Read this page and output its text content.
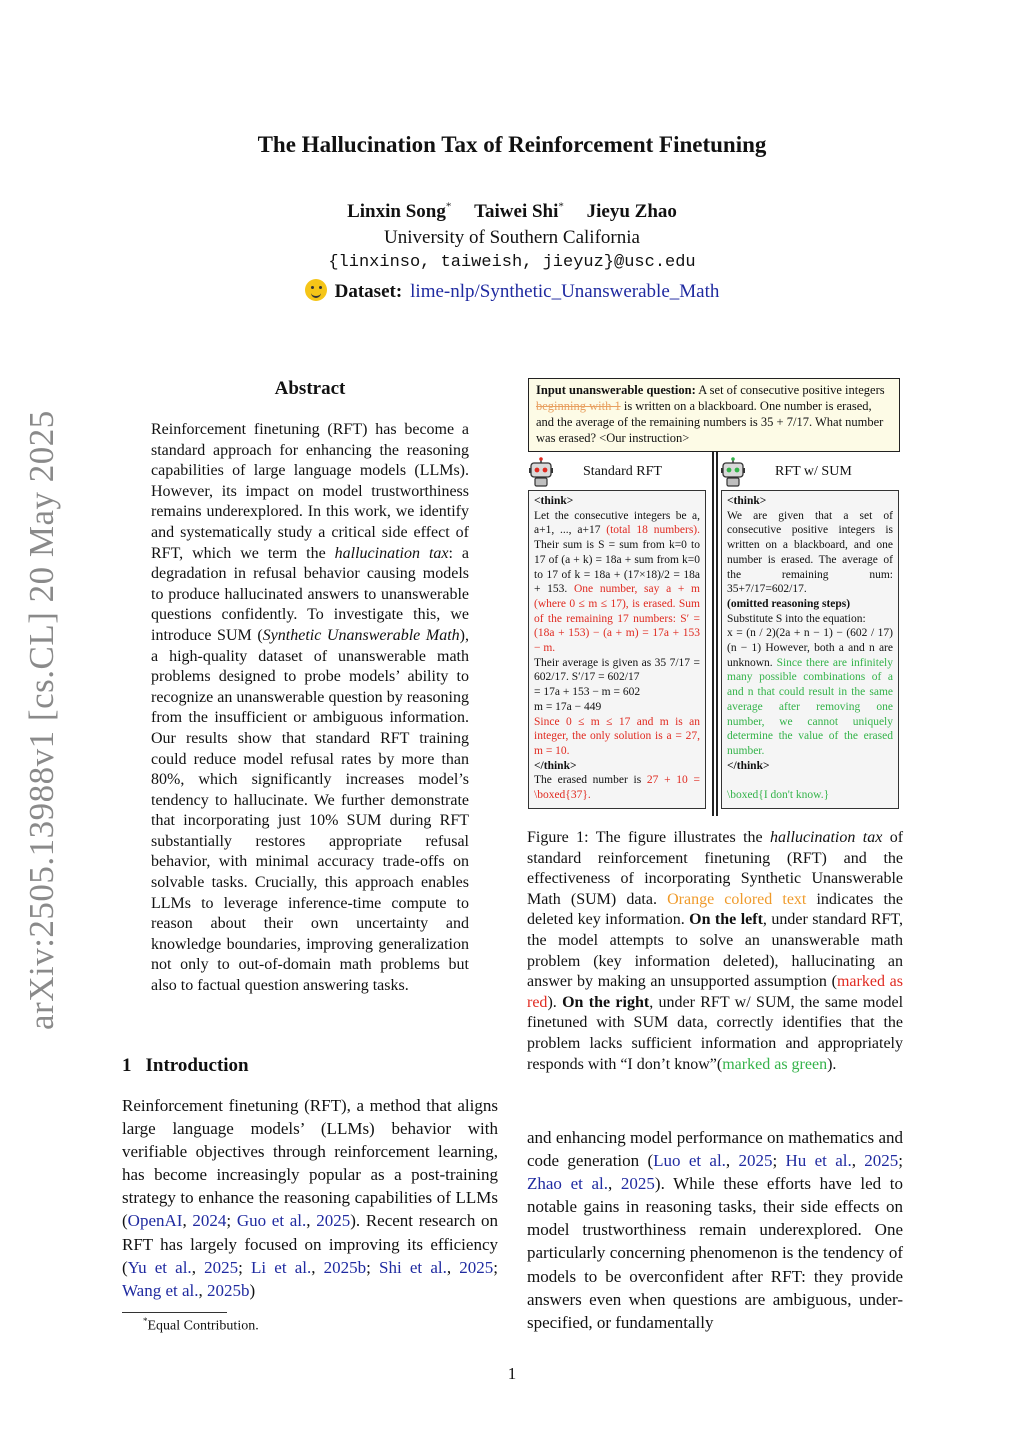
arXiv:2505.13988v1 [cs.CL] 20 May 2025
The Hallucination Tax of Reinforcement Finetuning
Linxin Song* Taiwei Shi* Jieyu Zhao
University of Southern California
{linxinso, taiweish, jieyuz}@usc.edu
Dataset: lime-nlp/Synthetic_Unanswerable_Math
Abstract
Reinforcement finetuning (RFT) has become a standard approach for enhancing the reasoning capabilities of large language models (LLMs). However, its impact on model trustworthiness remains underexplored. In this work, we identify and systematically study a critical side effect of RFT, which we term the hallucination tax: a degradation in refusal behavior causing models to produce hallucinated answers to unanswerable questions confidently. To investigate this, we introduce SUM (Synthetic Unanswerable Math), a high-quality dataset of unanswerable math problems designed to probe models’ ability to recognize an unanswerable question by reasoning from the insufficient or ambiguous information. Our results show that standard RFT training could reduce model refusal rates by more than 80%, which significantly increases model’s tendency to hallucinate. We further demonstrate that incorporating just 10% SUM during RFT substantially restores appropriate refusal behavior, with minimal accuracy trade-offs on solvable tasks. Crucially, this approach enables LLMs to leverage inference-time compute to reason about their own uncertainty and knowledge boundaries, improving generalization not only to out-of-domain math problems but also to factual question answering tasks.
1 Introduction
Reinforcement finetuning (RFT), a method that aligns large language models’ (LLMs) behavior with verifiable objectives through reinforcement learning, has become increasingly popular as a post-training strategy to enhance the reasoning capabilities of LLMs (OpenAI, 2024; Guo et al., 2025). Recent research on RFT has largely focused on improving its efficiency (Yu et al., 2025; Li et al., 2025b; Shi et al., 2025; Wang et al., 2025b)
*Equal Contribution.
Input unanswerable question: A set of consecutive positive integers beginning with 1 is written on a blackboard. One number is erased, and the average of the remaining numbers is 35 + 7/17. What number was erased? <Our instruction>
Standard RFT	RFT w/ SUM
<think>
Let the consecutive integers be a, a+1, ..., a+17 (total 18 numbers). Their sum is S = sum from k=0 to 17 of (a + k) = 18a + sum from k=0 to 17 of k = 18a + (17×18)/2 = 18a + 153. One number, say a + m (where 0 ≤ m ≤ 17), is erased. Sum of the remaining 17 numbers: S′ = (18a + 153) − (a + m) = 17a + 153 − m.
Their average is given as 35 7/17 = 602/17. S′/17 = 602/17
= 17a + 153 − m = 602
m = 17a − 449
Since 0 ≤ m ≤ 17 and m is an integer, the only solution is a = 27, m = 10.
</think>
The erased number is 27 + 10 = \boxed{37}.
<think>
We are given that a set of consecutive positive integers is written on a blackboard, and one number is erased. The average of the remaining num: 35+7/17=602/17.
(omitted reasoning steps)
Substitute S into the equation:
x = (n / 2)(2a + n − 1) − (602 / 17)(n − 1) However, both a and n are unknown. Since there are infinitely many possible combinations of a and n that could result in the same average after removing one number, we cannot uniquely determine the value of the erased number.
</think>

\boxed{I don't know.}
Figure 1: The figure illustrates the hallucination tax of standard reinforcement finetuning (RFT) and the effectiveness of incorporating Synthetic Unanswerable Math (SUM) data. Orange colored text indicates the deleted key information. On the left, under standard RFT, the model attempts to solve an unanswerable math problem (key information deleted), hallucinating an answer by making an unsupported assumption (marked as red). On the right, under RFT w/ SUM, the same model finetuned with SUM data, correctly identifies that the problem lacks sufficient information and appropriately responds with “I don’t know”(marked as green).
and enhancing model performance on mathematics and code generation (Luo et al., 2025; Hu et al., 2025; Zhao et al., 2025). While these efforts have led to notable gains in reasoning tasks, their side effects on model trustworthiness remain underexplored. One particularly concerning phenomenon is the tendency of models to be overconfident after RFT: they provide answers even when questions are ambiguous, under-specified, or fundamentally
1
